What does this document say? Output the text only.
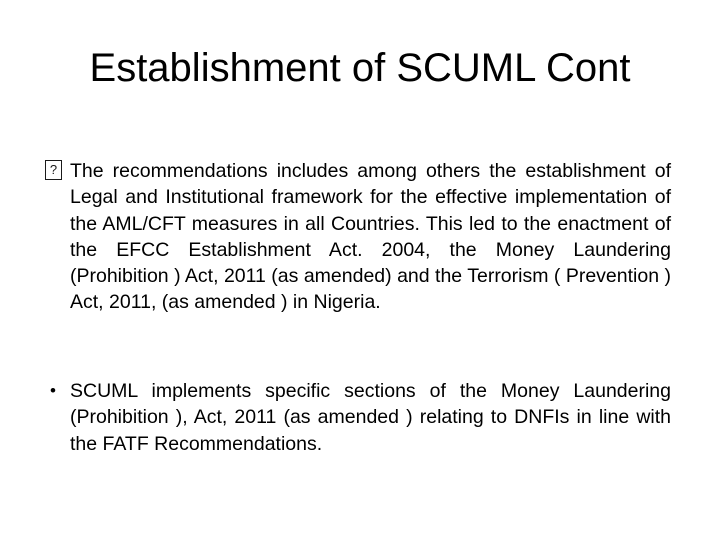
Establishment of SCUML Cont
?
The recommendations includes among others the establishment of Legal and Institutional framework for the effective implementation of the AML/CFT measures in all Countries. This led to the enactment of the EFCC Establishment Act. 2004, the Money Laundering (Prohibition ) Act, 2011 (as amended) and the Terrorism ( Prevention ) Act, 2011, (as amended ) in Nigeria.
• SCUML implements specific sections of the Money Laundering (Prohibition ), Act, 2011 (as amended ) relating to DNFIs in line with the FATF Recommendations.
